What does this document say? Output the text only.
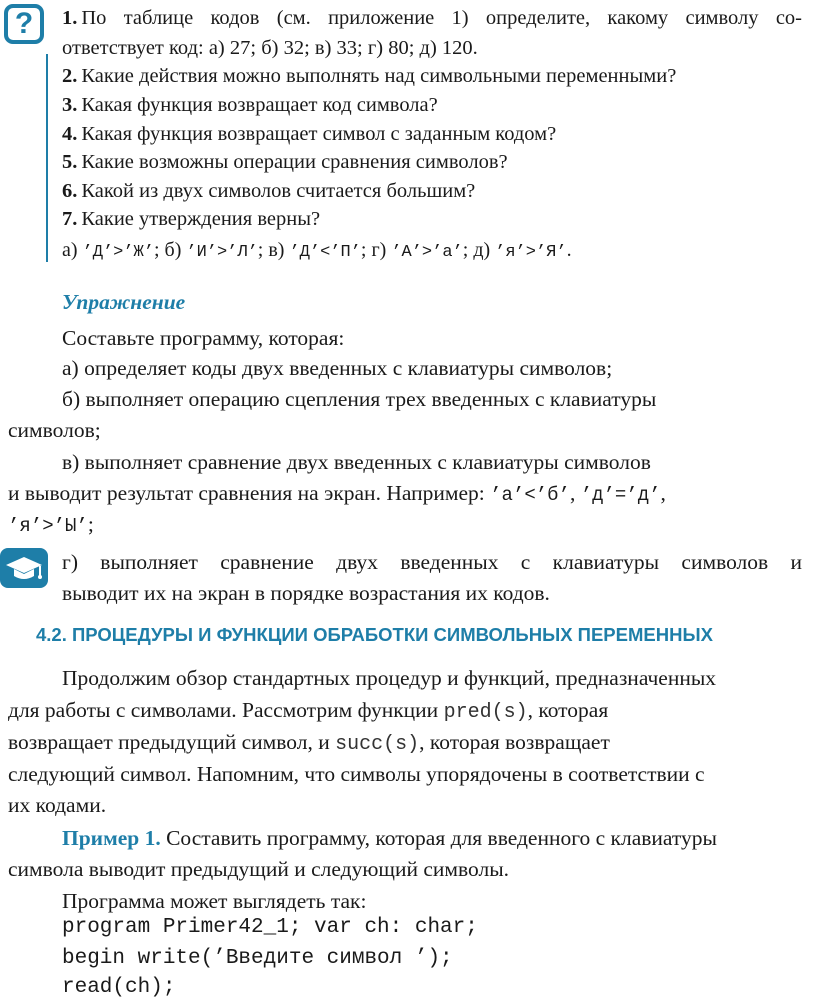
?	1. По таблице кодов (см. приложение 1) определите, какому символу со-
ответствует код: а) 27; б) 32; в) 33; г) 80; д) 120.
2. Какие действия можно выполнять над символьными переменными?
3. Какая функция возвращает код символа?
4. Какая функция возвращает символ с заданным кодом?
5. Какие возможны операции сравнения символов?
6. Какой из двух символов считается большим?
7. Какие утверждения верны?
а) ’Д’>’Ж’; б) ’И’>’Л’; в) ’Д’<’П’; г) ’А’>’а’; д) ’я’>’Я’.
Упражнение
Составьте программу, которая:
а) определяет коды двух введенных с клавиатуры символов;
б) выполняет операцию сцепления трех введенных с клавиатуры
символов;
в) выполняет сравнение двух введенных с клавиатуры символов
и выводит результат сравнения на экран. Например: ’а’<’б’, ’д’=’д’,
’я’>’Ы’;
г) выполняет сравнение двух введенных с клавиатуры символов и
выводит их на экран в порядке возрастания их кодов.
4.2. ПРОЦЕДУРЫ И ФУНКЦИИ ОБРАБОТКИ СИМВОЛЬНЫХ ПЕРЕМЕННЫХ
Продолжим обзор стандартных процедур и функций, предназначенных
для работы с символами. Рассмотрим функции pred(s), которая
возвращает предыдущий символ, и succ(s), которая возвращает
следующий символ. Напомним, что символы упорядочены в соответствии с
их кодами.
Пример 1. Составить программу, которая для введенного с клавиатуры
символа выводит предыдущий и следующий символы.
Программа может выглядеть так:
program Primer42_1; var ch: char;
begin write(’Введите символ ’);
read(ch);
